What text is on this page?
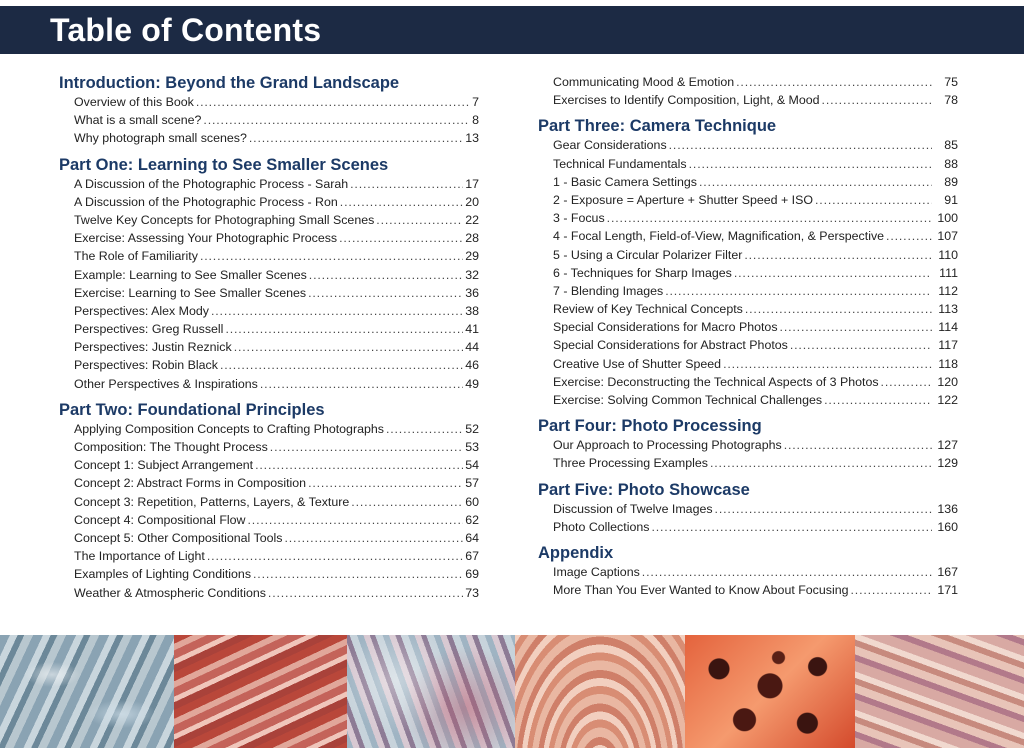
Table of Contents
Introduction: Beyond the Grand Landscape
Overview of this Book . . .	7
What is a small scene? . . .	8
Why photograph small scenes? . . .	13
Part One: Learning to See Smaller Scenes
A Discussion of the Photographic Process - Sarah . . .	17
A Discussion of the Photographic Process - Ron . . .	20
Twelve Key Concepts for Photographing Small Scenes . . .	22
Exercise: Assessing Your Photographic Process . . .	28
The Role of Familiarity . . .	29
Example: Learning to See Smaller Scenes . . .	32
Exercise: Learning to See Smaller Scenes . . .	36
Perspectives: Alex Mody . . .	38
Perspectives: Greg Russell . . .	41
Perspectives: Justin Reznick . . .	44
Perspectives: Robin Black . . .	46
Other Perspectives & Inspirations . . .	49
Part Two: Foundational Principles
Applying Composition Concepts to Crafting Photographs . . .	52
Composition: The Thought Process . . .	53
Concept 1: Subject Arrangement . . .	54
Concept 2: Abstract Forms in Composition . . .	57
Concept 3: Repetition, Patterns, Layers, & Texture . . .	60
Concept 4: Compositional Flow . . .	62
Concept 5: Other Compositional Tools . . .	64
The Importance of Light . . .	67
Examples of Lighting Conditions . . .	69
Weather & Atmospheric Conditions . . .	73
Communicating Mood & Emotion . . .	75
Exercises to Identify Composition, Light, & Mood . . .	78
Part Three: Camera Technique
Gear Considerations . . .	85
Technical Fundamentals . . .	88
1 - Basic Camera Settings . . .	89
2 - Exposure = Aperture + Shutter Speed + ISO . . .	91
3 - Focus . . .	100
4 - Focal Length, Field-of-View, Magnification, & Perspective . . .	107
5 - Using a Circular Polarizer Filter . . .	110
6 - Techniques for Sharp Images . . .	111
7 - Blending Images . . .	112
Review of Key Technical Concepts . . .	113
Special Considerations for Macro Photos . . .	114
Special Considerations for Abstract Photos . . .	117
Creative Use of Shutter Speed . . .	118
Exercise: Deconstructing the Technical Aspects of 3 Photos . . .	120
Exercise: Solving Common Technical Challenges . . .	122
Part Four: Photo Processing
Our Approach to Processing Photographs . . .	127
Three Processing Examples . . .	129
Part Five: Photo Showcase
Discussion of Twelve Images . . .	136
Photo Collections . . .	160
Appendix
Image Captions . . .	167
More Than You Ever Wanted to Know About Focusing . . .	171
